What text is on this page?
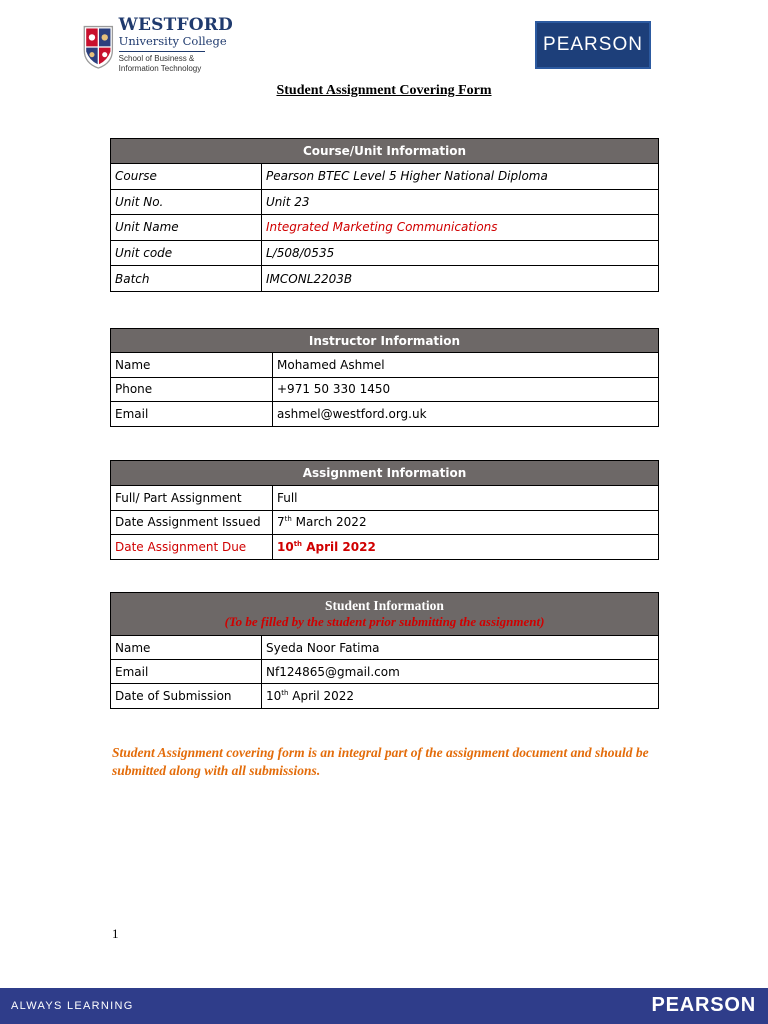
WESTFORD
University College
School of Business &
Information Technology
PEARSON
Student Assignment Covering Form
Course/Unit Information	
Course	Pearson BTEC Level 5 Higher National Diploma
Unit No.	Unit 23
Unit Name	Integrated Marketing Communications
Unit code	L/508/0535
Batch	IMCONL2203B
Instructor Information	
Name	Mohamed Ashmel
Phone	+971 50 330 1450
Email	ashmel@westford.org.uk
Assignment Information	
Full/ Part Assignment	Full
Date Assignment Issued	7th March 2022
Date Assignment Due	10th April 2022
Student Information
(To be filled by the student prior submitting the assignment)	

Name	Syeda Noor Fatima
Email	Nf124865@gmail.com
Date of Submission	10th April 2022
Student Assignment covering form is an integral part of the assignment document and should be submitted along with all submissions.
1
ALWAYS LEARNING	PEARSON
